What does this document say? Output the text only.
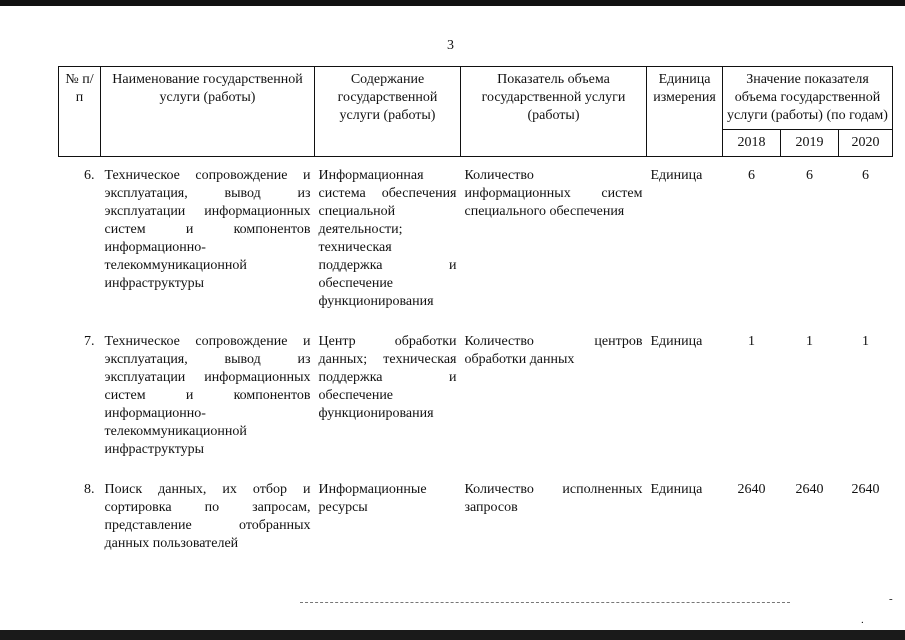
3
№ п/п	Наименование государственной услуги (работы)	Содержание государственной услуги (работы)	Показатель объема государственной услуги (работы)	Единица измерения	Значение показателя объема государственной услуги (работы) (по годам)		
					2018	2019	2020

6.	Техническое сопровождение и эксплуатация, вывод из эксплуатации информационных систем и компонентов информационно-телекоммуникационной инфраструктуры	Информационная система обеспечения специальной деятельности; техническая поддержка и обеспечение функционирования	Количество информационных систем специального обеспечения	Единица	6	6	6

7.	Техническое сопровождение и эксплуатация, вывод из эксплуатации информационных систем и компонентов информационно-телекоммуникационной инфраструктуры	Центр обработки данных; техническая поддержка и обеспечение функционирования	Количество центров обработки данных	Единица	1	1	1

8.	Поиск данных, их отбор и сортировка по запросам, представление отобранных данных пользователей	Информационные ресурсы	Количество исполненных запросов	Единица	2640	2640	2640
-
.
